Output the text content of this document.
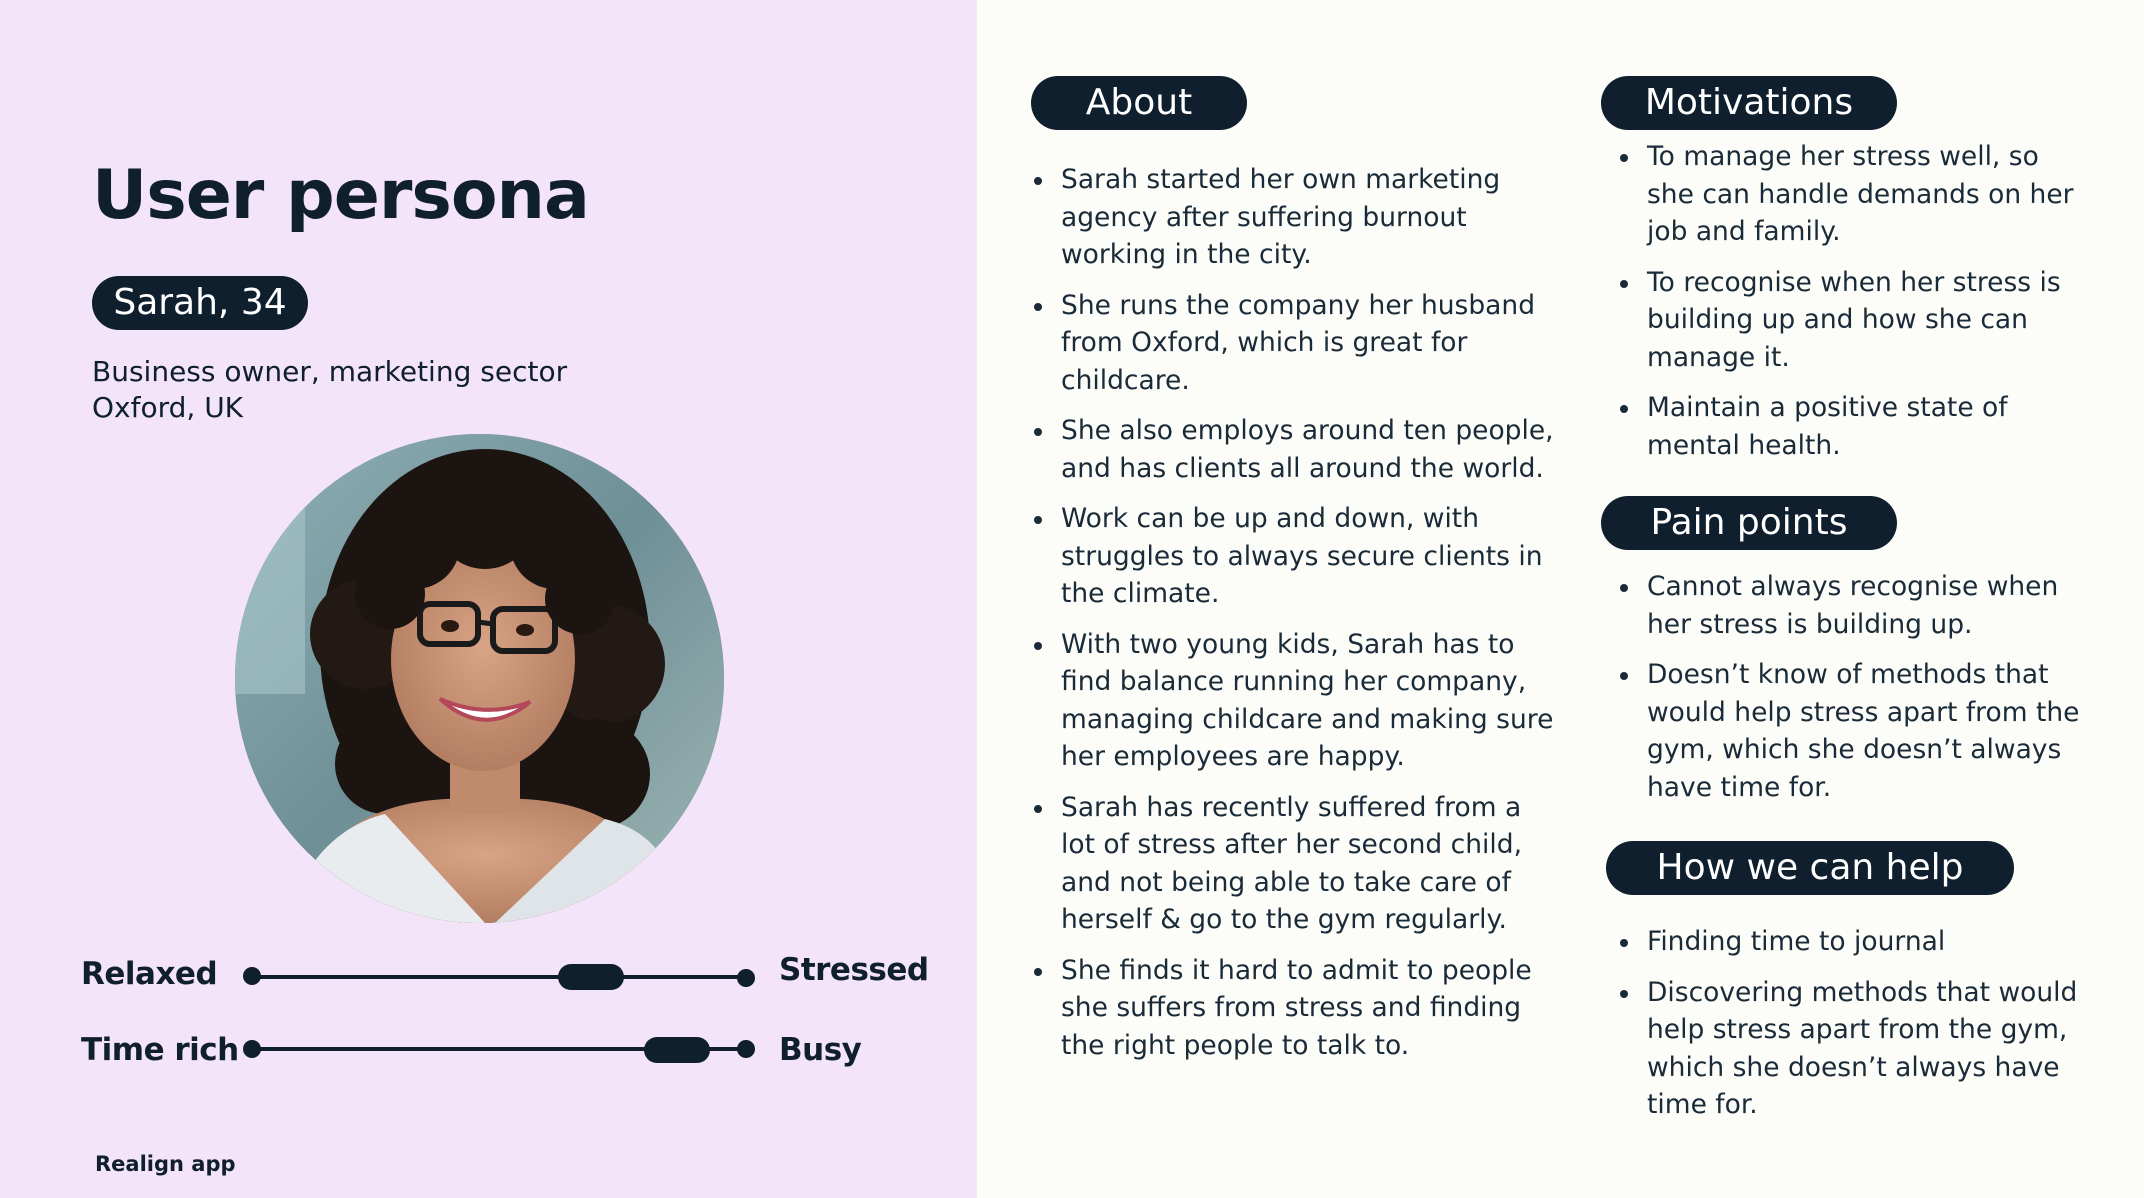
User persona
Sarah, 34
Business owner, marketing sector
Oxford, UK
Relaxed	Stressed
Time rich	Busy
Realign app
About
Sarah started her own marketing agency after suffering burnout working in the city.
She runs the company her husband from Oxford, which is great for childcare.
She also employs around ten people, and has clients all around the world.
Work can be up and down, with struggles to always secure clients in the climate.
With two young kids, Sarah has to find balance running her company, managing childcare and making sure her employees are happy.
Sarah has recently suffered from a lot of stress after her second child, and not being able to take care of herself & go to the gym regularly.
She finds it hard to admit to people she suffers from stress and finding the right people to talk to.
Motivations
To manage her stress well, so she can handle demands on her job and family.
To recognise when her stress is building up and how she can manage it.
Maintain a positive state of mental health.
Pain points
Cannot always recognise when her stress is building up.
Doesn’t know of methods that would help stress apart from the gym, which she doesn’t always have time for.
How we can help
Finding time to journal
Discovering methods that would help stress apart from the gym, which she doesn’t always have time for.
